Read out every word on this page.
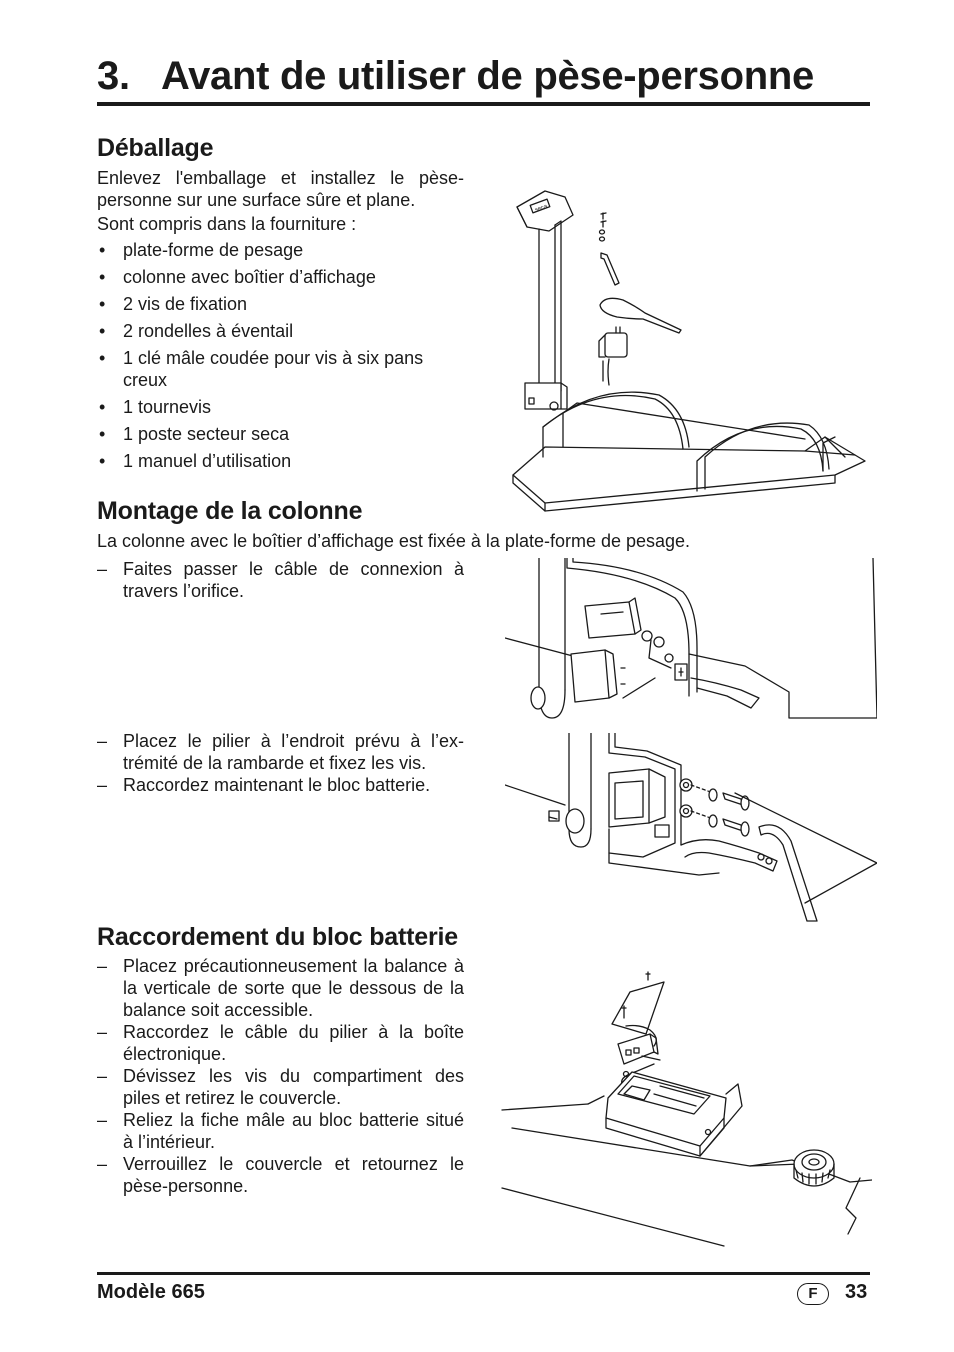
3. Avant de utiliser de pèse-personne
Déballage

Enlevez l'emballage et installez le pèse-personne sur une surface sûre et plane.

Sont compris dans la fourniture :

• plate-forme de pesage
• colonne avec boîtier d’affichage
• 2 vis de fixation
• 2 rondelles à éventail
• 1 clé mâle coudée pour vis à six pans creux
• 1 tournevis
• 1 poste secteur seca
• 1 manuel d’utilisation
seca
Montage de la colonne

La colonne avec le boîtier d’affichage est fixée à la plate-forme de pesage.

– Faites passer le câble de connexion à travers l’orifice.
– Placez le pilier à l’endroit prévu à l’ex-trémité de la rambarde et fixez les vis.
– Raccordez maintenant le bloc batterie.
Raccordement du bloc batterie
– Placez précautionneusement la balance à la verticale de sorte que le dessous de la balance soit accessible.
– Raccordez le câble du pilier à la boîte électronique.
– Dévissez les vis du compartiment des piles et retirez le couvercle.
– Reliez la fiche mâle au bloc batterie situé à l’intérieur.
– Verrouillez le couvercle et retournez le pèse-personne.
Modèle 665	F	33
